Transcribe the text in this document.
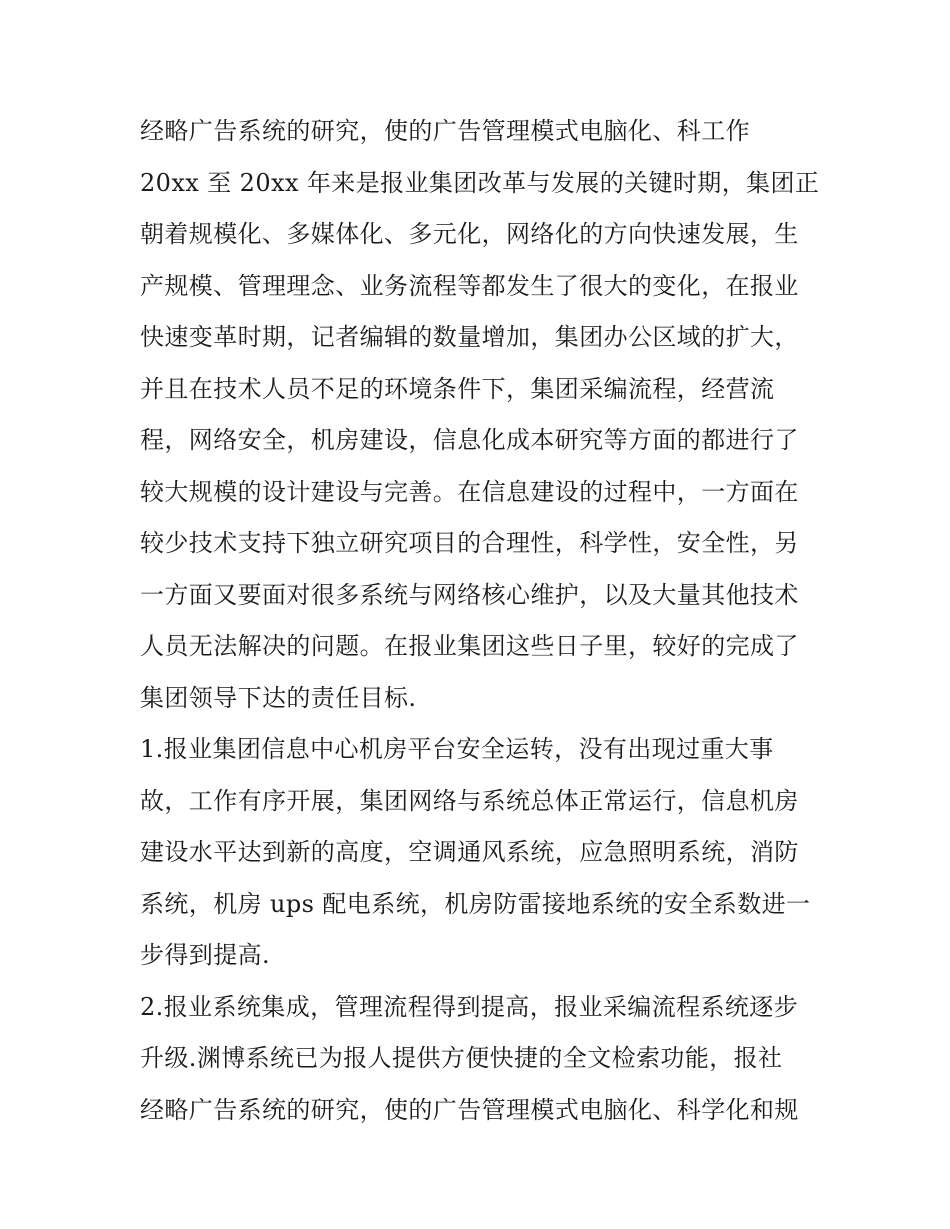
经略广告系统的研究，使的广告管理模式电脑化、科工作
20xx 至 20xx 年来是报业集团改革与发展的关键时期，集团正
朝着规模化、多媒体化、多元化，网络化的方向快速发展，生
产规模、管理理念、业务流程等都发生了很大的变化，在报业
快速变革时期，记者编辑的数量增加，集团办公区域的扩大，
并且在技术人员不足的环境条件下，集团采编流程，经营流
程，网络安全，机房建设，信息化成本研究等方面的都进行了
较大规模的设计建设与完善。在信息建设的过程中，一方面在
较少技术支持下独立研究项目的合理性，科学性，安全性，另
一方面又要面对很多系统与网络核心维护，以及大量其他技术
人员无法解决的问题。在报业集团这些日子里，较好的完成了
集团领导下达的责任目标.
1.报业集团信息中心机房平台安全运转，没有出现过重大事
故，工作有序开展，集团网络与系统总体正常运行，信息机房
建设水平达到新的高度，空调通风系统，应急照明系统，消防
系统，机房 ups 配电系统，机房防雷接地系统的安全系数进一
步得到提高.
2.报业系统集成，管理流程得到提高，报业采编流程系统逐步
升级.渊博系统已为报人提供方便快捷的全文检索功能，报社
经略广告系统的研究，使的广告管理模式电脑化、科学化和规
